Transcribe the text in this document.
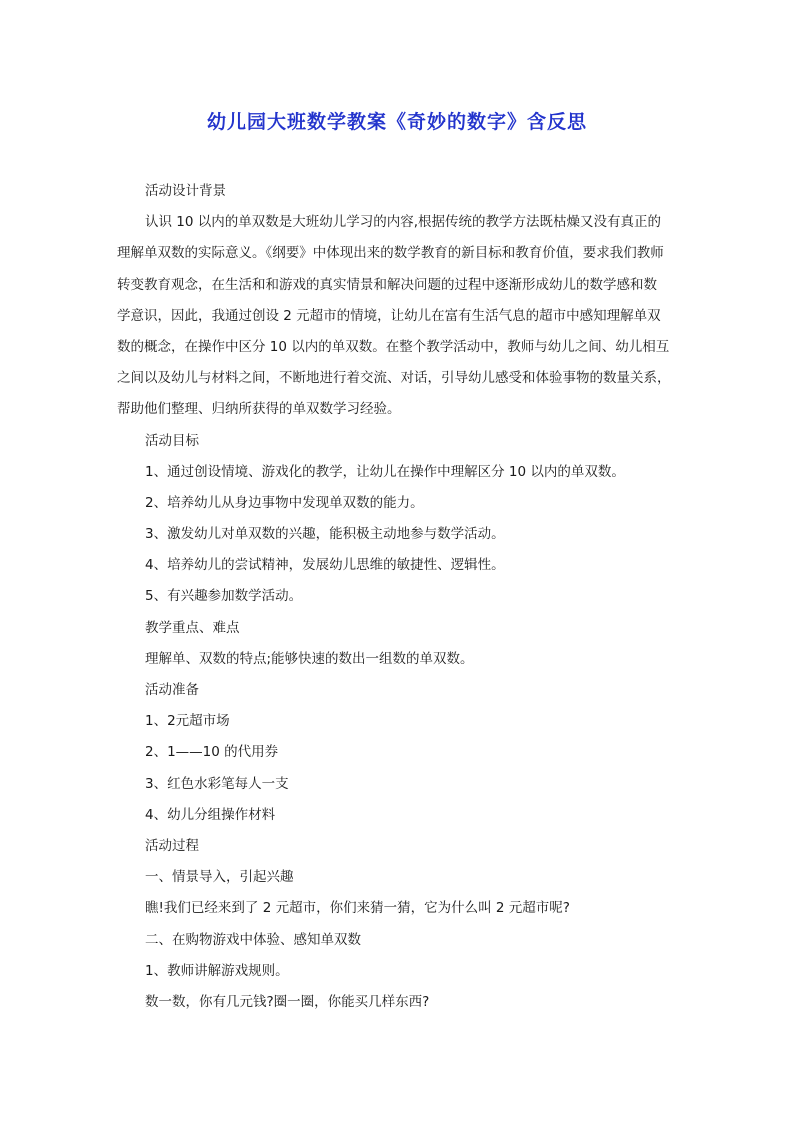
幼儿园大班数学教案《奇妙的数字》含反思
活动设计背景
认识 10 以内的单双数是大班幼儿学习的内容,根据传统的教学方法既枯燥又没有真正的
理解单双数的实际意义。《纲要》中体现出来的数学教育的新目标和教育价值，要求我们教师
转变教育观念，在生活和和游戏的真实情景和解决问题的过程中逐渐形成幼儿的数学感和数
学意识，因此，我通过创设 2 元超市的情境，让幼儿在富有生活气息的超市中感知理解单双
数的概念，在操作中区分 10 以内的单双数。在整个教学活动中，教师与幼儿之间、幼儿相互
之间以及幼儿与材料之间，不断地进行着交流、对话，引导幼儿感受和体验事物的数量关系，
帮助他们整理、归纳所获得的单双数学习经验。
活动目标
1、通过创设情境、游戏化的教学，让幼儿在操作中理解区分 10 以内的单双数。
2、培养幼儿从身边事物中发现单双数的能力。
3、激发幼儿对单双数的兴趣，能积极主动地参与数学活动。
4、培养幼儿的尝试精神，发展幼儿思维的敏捷性、逻辑性。
5、有兴趣参加数学活动。
教学重点、难点
理解单、双数的特点;能够快速的数出一组数的单双数。
活动准备
1、2元超市场
2、1——10 的代用券
3、红色水彩笔每人一支
4、幼儿分组操作材料
活动过程
一、情景导入，引起兴趣
瞧!我们已经来到了 2 元超市，你们来猜一猜，它为什么叫 2 元超市呢?
二、在购物游戏中体验、感知单双数
1、教师讲解游戏规则。
数一数，你有几元钱?圈一圈，你能买几样东西?
